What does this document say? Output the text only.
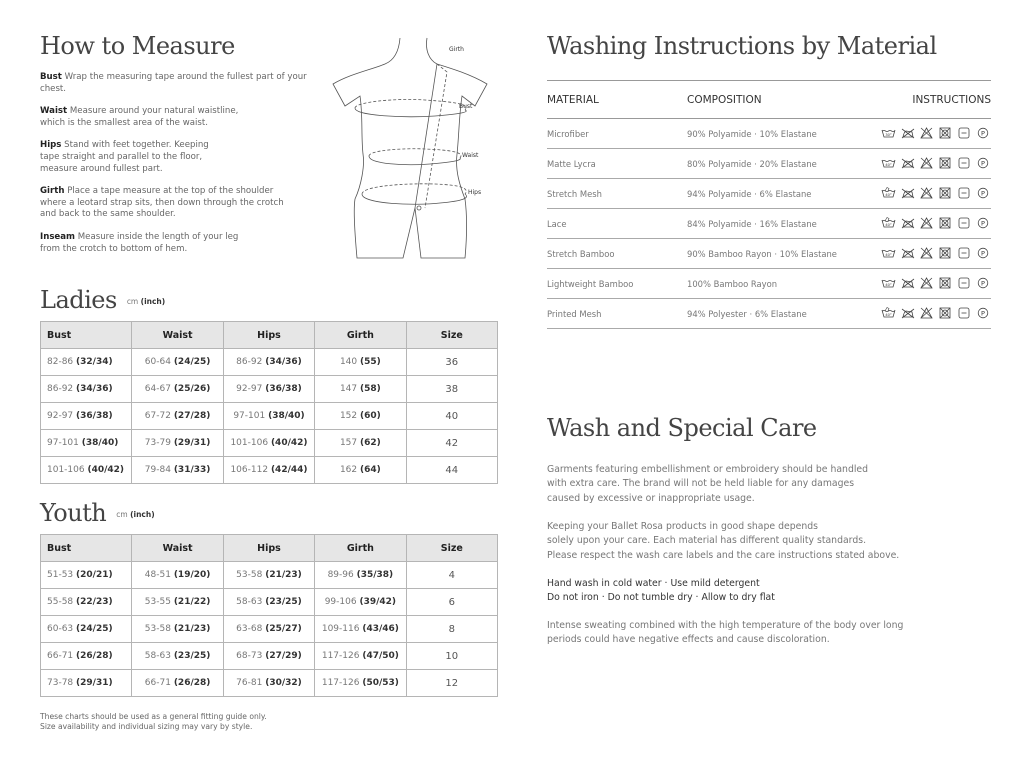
How to Measure
Bust Wrap the measuring tape around the fullest part of your chest.
Waist Measure around your natural waistline, which is the smallest area of the waist.
Hips Stand with feet together. Keeping tape straight and parallel to the floor, measure around fullest part.
Girth Place a tape measure at the top of the shoulder where a leotard strap sits, then down through the crotch and back to the same shoulder.
Inseam Measure inside the length of your leg from the crotch to bottom of hem.
Girth
Bust
Waist
Hips
Ladies cm (inch)
Bust	Waist	Hips	Girth	Size
82-86 (32/34)	60-64 (24/25)	86-92 (34/36)	140 (55)	36
86-92 (34/36)	64-67 (25/26)	92-97 (36/38)	147 (58)	38
92-97 (36/38)	67-72 (27/28)	97-101 (38/40)	152 (60)	40
97-101 (38/40)	73-79 (29/31)	101-106 (40/42)	157 (62)	42
101-106 (40/42)	79-84 (31/33)	106-112 (42/44)	162 (64)	44
Youth cm (inch)
Bust	Waist	Hips	Girth	Size
51-53 (20/21)	48-51 (19/20)	53-58 (21/23)	89-96 (35/38)	4
55-58 (22/23)	53-55 (21/22)	58-63 (23/25)	99-106 (39/42)	6
60-63 (24/25)	53-58 (21/23)	63-68 (25/27)	109-116 (43/46)	8
66-71 (26/28)	58-63 (23/25)	68-73 (27/29)	117-126 (47/50)	10
73-78 (29/31)	66-71 (26/28)	76-81 (30/32)	117-126 (50/53)	12
These charts should be used as a general fitting guide only.
Size availability and individual sizing may vary by style.
Washing Instructions by Material
MATERIAL	COMPOSITION	INSTRUCTIONS
Microfiber	90% Polyamide · 10% Elastane	30° P

Matte Lycra	80% Polyamide · 20% Elastane	40° P

Stretch Mesh	94% Polyamide · 6% Elastane	40° P

Lace	84% Polyamide · 16% Elastane	40° P

Stretch Bamboo	90% Bamboo Rayon · 10% Elastane	40° P

Lightweight Bamboo	100% Bamboo Rayon	40° P

Printed Mesh	94% Polyester · 6% Elastane	40° P
Wash and Special Care
Garments featuring embellishment or embroidery should be handled
with extra care. The brand will not be held liable for any damages
caused by excessive or inappropriate usage.
Keeping your Ballet Rosa products in good shape depends
solely upon your care. Each material has different quality standards.
Please respect the wash care labels and the care instructions stated above.
Hand wash in cold water · Use mild detergent
Do not iron · Do not tumble dry · Allow to dry flat
Intense sweating combined with the high temperature of the body over long
periods could have negative effects and cause discoloration.
